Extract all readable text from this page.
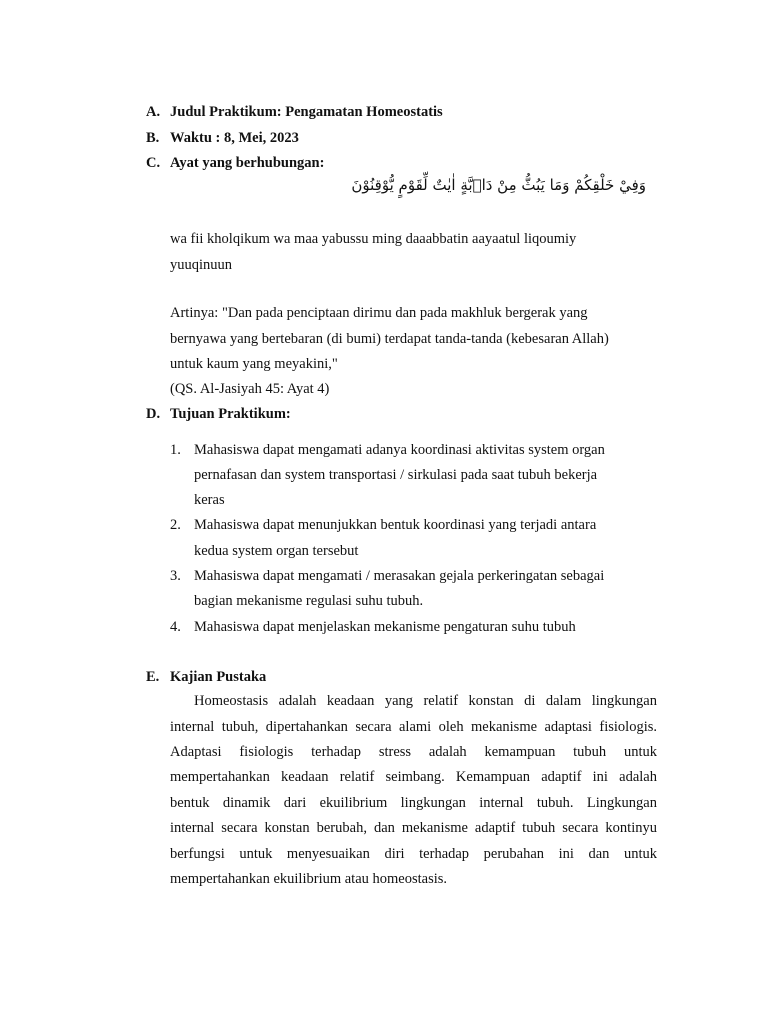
A. Judul Praktikum: Pengamatan Homeostatis
B. Waktu : 8, Mei, 2023
C. Ayat yang berhubungan:
وَفِيْ خَلْقِكُمْ وَمَا يَبُثُّ مِنْ دَاۤبَّةٍ اٰيٰتٌ لِّقَوْمٍ يُّوْقِنُوْنَ
wa fii kholqikum wa maa yabussu ming daaabbatin aayaatul liqoumiy
yuuqinuun
Artinya: "Dan pada penciptaan dirimu dan pada makhluk bergerak yang
bernyawa yang bertebaran (di bumi) terdapat tanda-tanda (kebesaran Allah)
untuk kaum yang meyakini,"
(QS. Al-Jasiyah 45: Ayat 4)
D. Tujuan Praktikum:
1. Mahasiswa dapat mengamati adanya koordinasi aktivitas system organ
pernafasan dan system transportasi / sirkulasi pada saat tubuh bekerja
keras
2. Mahasiswa dapat menunjukkan bentuk koordinasi yang terjadi antara
kedua system organ tersebut
3. Mahasiswa dapat mengamati / merasakan gejala perkeringatan sebagai
bagian mekanisme regulasi suhu tubuh.
4. Mahasiswa dapat menjelaskan mekanisme pengaturan suhu tubuh
E. Kajian Pustaka
Homeostasis adalah keadaan yang relatif konstan di dalam lingkungan
internal tubuh, dipertahankan secara alami oleh mekanisme adaptasi fisiologis.
Adaptasi fisiologis terhadap stress adalah kemampuan tubuh untuk
mempertahankan keadaan relatif seimbang. Kemampuan adaptif ini adalah
bentuk dinamik dari ekuilibrium lingkungan internal tubuh. Lingkungan
internal secara konstan berubah, dan mekanisme adaptif tubuh secara kontinyu
berfungsi untuk menyesuaikan diri terhadap perubahan ini dan untuk
mempertahankan ekuilibrium atau homeostasis.
